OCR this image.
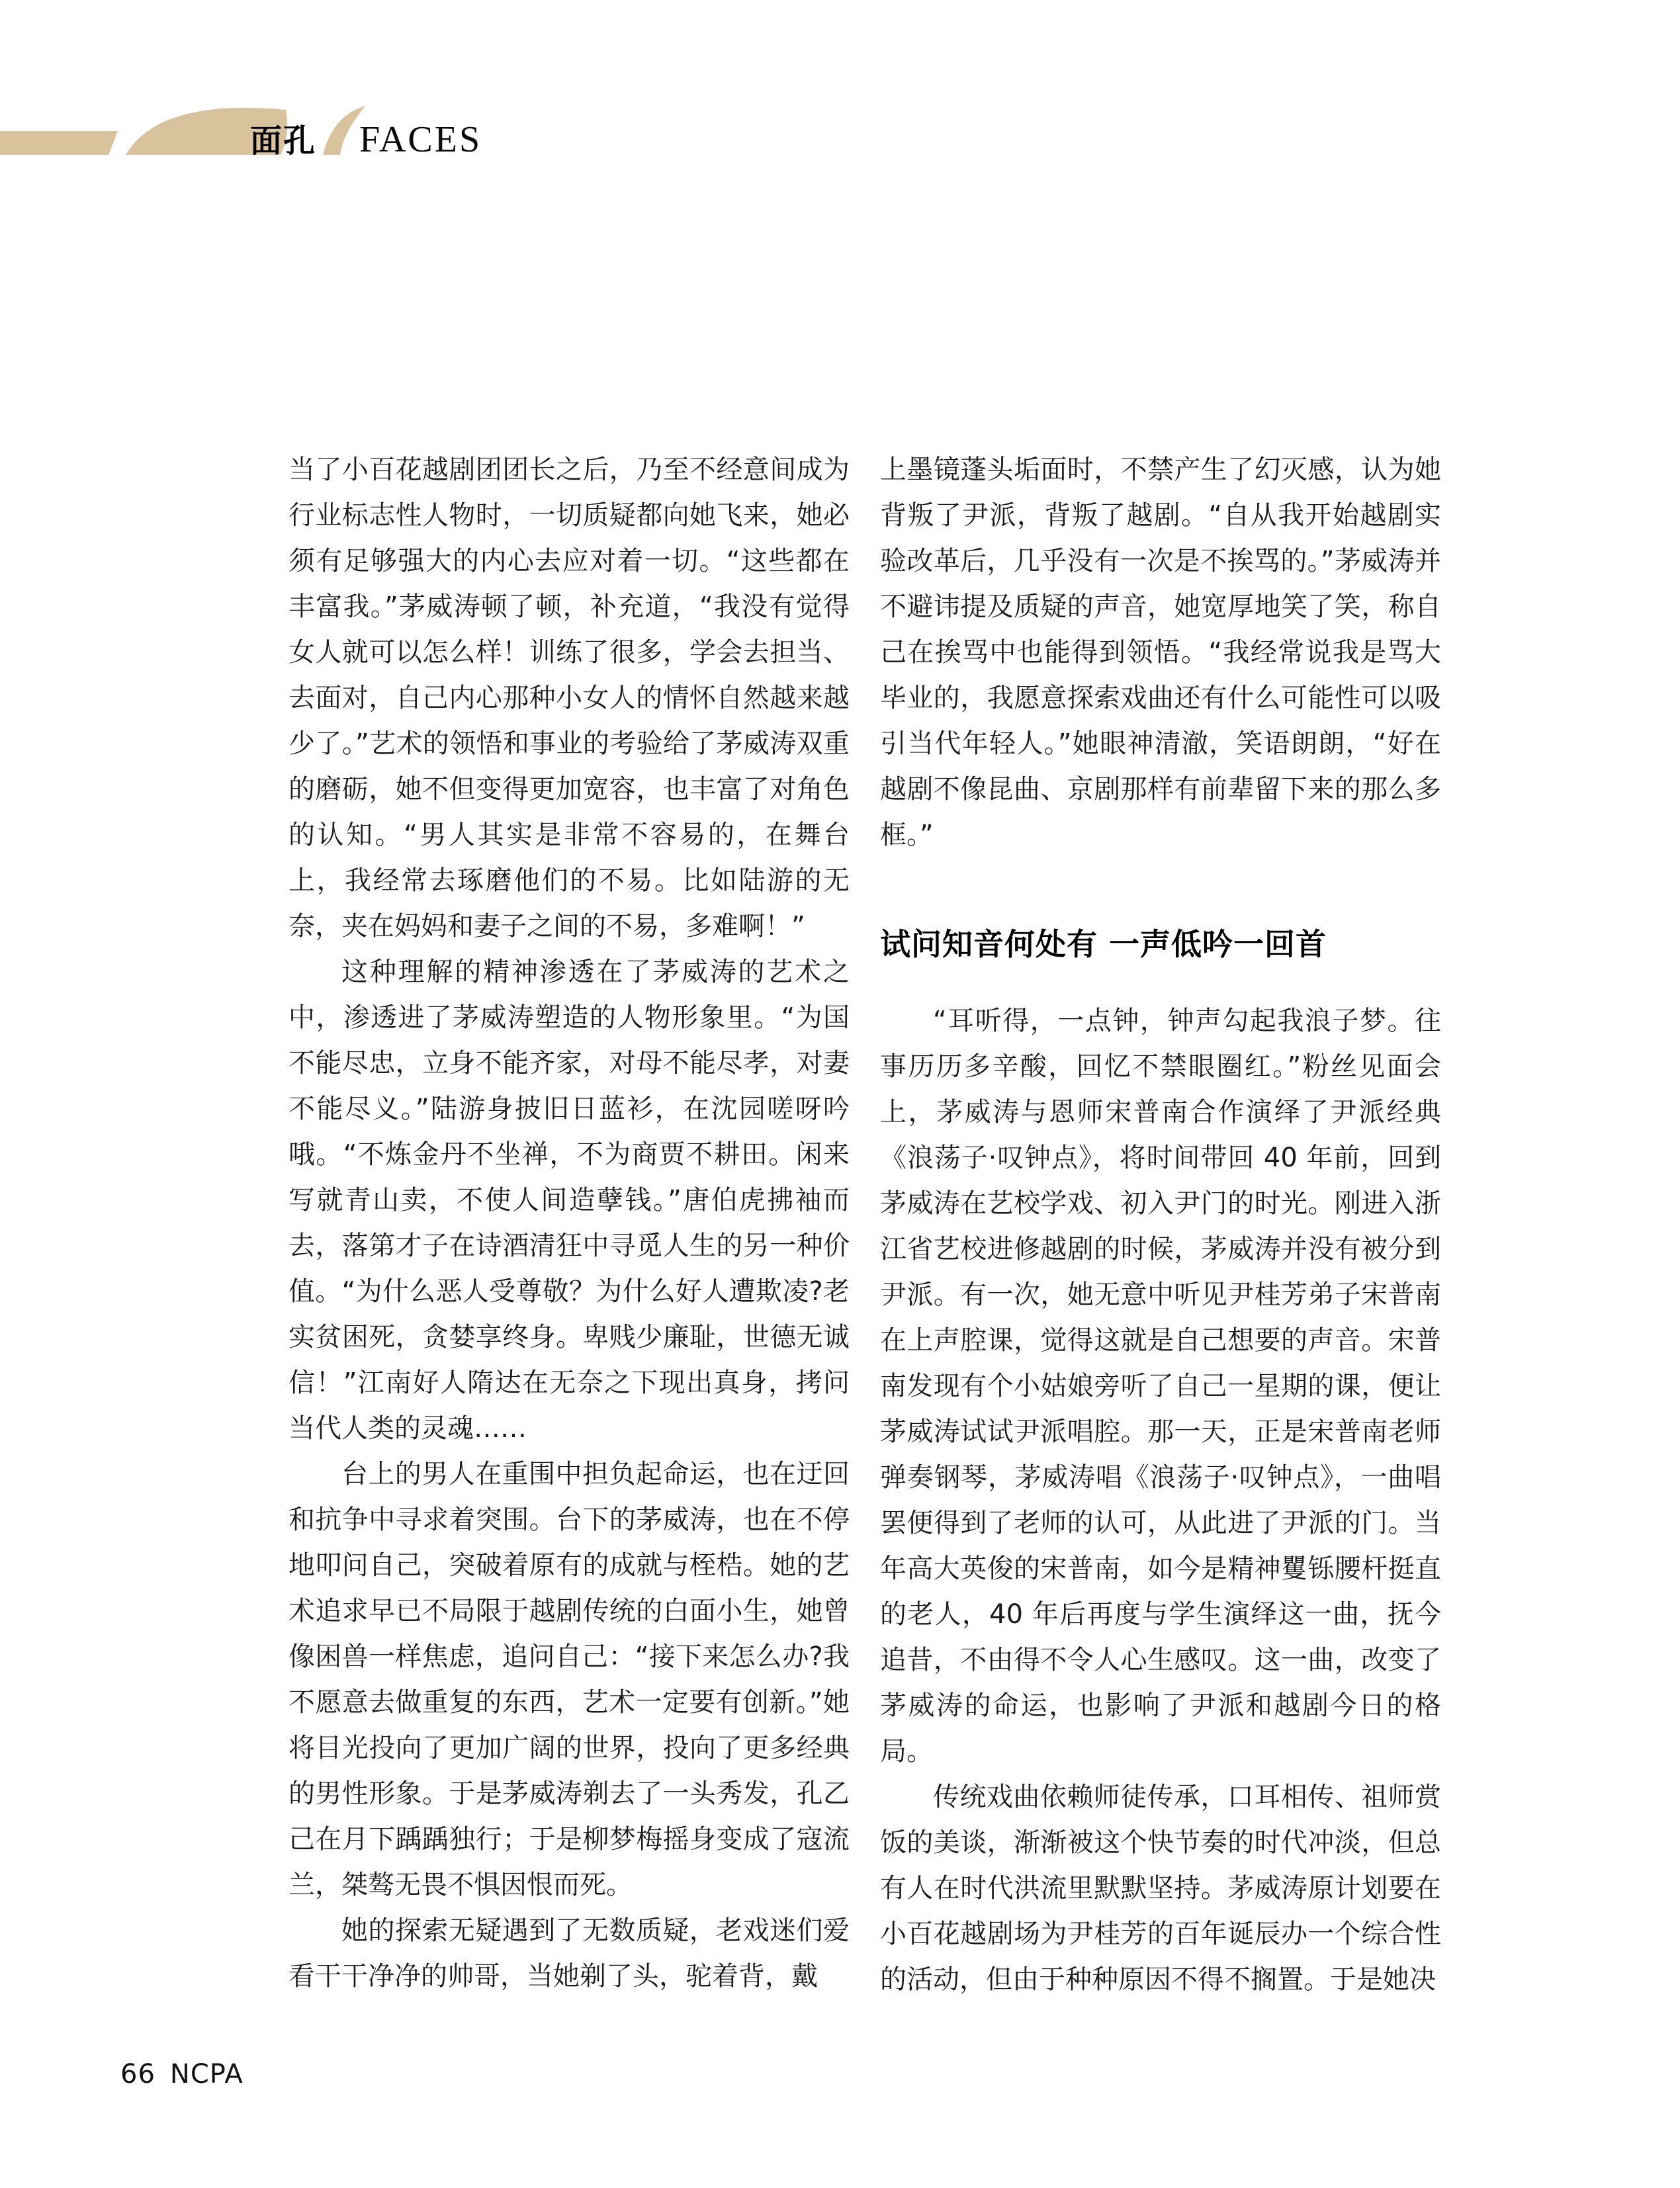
面孔 FACES

当了小百花越剧团团长之后，乃至不经意间成为行业标志性人物时，一切质疑都向她飞来，她必须有足够强大的内心去应对着一切。“这些都在丰富我。”茅威涛顿了顿，补充道，“我没有觉得女人就可以怎么样！训练了很多，学会去担当、去面对，自己内心那种小女人的情怀自然越来越少了。”艺术的领悟和事业的考验给了茅威涛双重的磨砺，她不但变得更加宽容，也丰富了对角色的认知。“男人其实是非常不容易的，在舞台上，我经常去琢磨他们的不易。比如陆游的无奈，夹在妈妈和妻子之间的不易，多难啊！”

这种理解的精神渗透在了茅威涛的艺术之中，渗透进了茅威涛塑造的人物形象里。“为国不能尽忠，立身不能齐家，对母不能尽孝，对妻不能尽义。”陆游身披旧日蓝衫，在沈园嗟呀吟哦。“不炼金丹不坐禅，不为商贾不耕田。闲来写就青山卖，不使人间造孽钱。”唐伯虎拂袖而去，落第才子在诗酒清狂中寻觅人生的另一种价值。“为什么恶人受尊敬？为什么好人遭欺凌?老实贫困死，贪婪享终身。卑贱少廉耻，世德无诚信！”江南好人隋达在无奈之下现出真身，拷问当代人类的灵魂……

台上的男人在重围中担负起命运，也在迂回和抗争中寻求着突围。台下的茅威涛，也在不停地叩问自己，突破着原有的成就与桎梏。她的艺术追求早已不局限于越剧传统的白面小生，她曾像困兽一样焦虑，追问自己：“接下来怎么办?我不愿意去做重复的东西，艺术一定要有创新。”她将目光投向了更加广阔的世界，投向了更多经典的男性形象。于是茅威涛剃去了一头秀发，孔乙己在月下踽踽独行；于是柳梦梅摇身变成了寇流兰，桀骜无畏不惧因恨而死。

她的探索无疑遇到了无数质疑，老戏迷们爱看干干净净的帅哥，当她剃了头，驼着背，戴

上墨镜蓬头垢面时，不禁产生了幻灭感，认为她背叛了尹派，背叛了越剧。“自从我开始越剧实验改革后，几乎没有一次是不挨骂的。”茅威涛并不避讳提及质疑的声音，她宽厚地笑了笑，称自己在挨骂中也能得到领悟。“我经常说我是骂大毕业的，我愿意探索戏曲还有什么可能性可以吸引当代年轻人。”她眼神清澈，笑语朗朗，“好在越剧不像昆曲、京剧那样有前辈留下来的那么多框。”

试问知音何处有 一声低吟一回首

“耳听得，一点钟，钟声勾起我浪子梦。往事历历多辛酸，回忆不禁眼圈红。”粉丝见面会上，茅威涛与恩师宋普南合作演绎了尹派经典《浪荡子·叹钟点》，将时间带回 40 年前，回到茅威涛在艺校学戏、初入尹门的时光。刚进入浙江省艺校进修越剧的时候，茅威涛并没有被分到尹派。有一次，她无意中听见尹桂芳弟子宋普南在上声腔课，觉得这就是自己想要的声音。宋普南发现有个小姑娘旁听了自己一星期的课，便让茅威涛试试尹派唱腔。那一天，正是宋普南老师弹奏钢琴，茅威涛唱《浪荡子·叹钟点》，一曲唱罢便得到了老师的认可，从此进了尹派的门。当年高大英俊的宋普南，如今是精神矍铄腰杆挺直的老人，40 年后再度与学生演绎这一曲，抚今追昔，不由得不令人心生感叹。这一曲，改变了茅威涛的命运，也影响了尹派和越剧今日的格局。

传统戏曲依赖师徒传承，口耳相传、祖师赏饭的美谈，渐渐被这个快节奏的时代冲淡，但总有人在时代洪流里默默坚持。茅威涛原计划要在小百花越剧场为尹桂芳的百年诞辰办一个综合性的活动，但由于种种原因不得不搁置。于是她决

66 NCPA
